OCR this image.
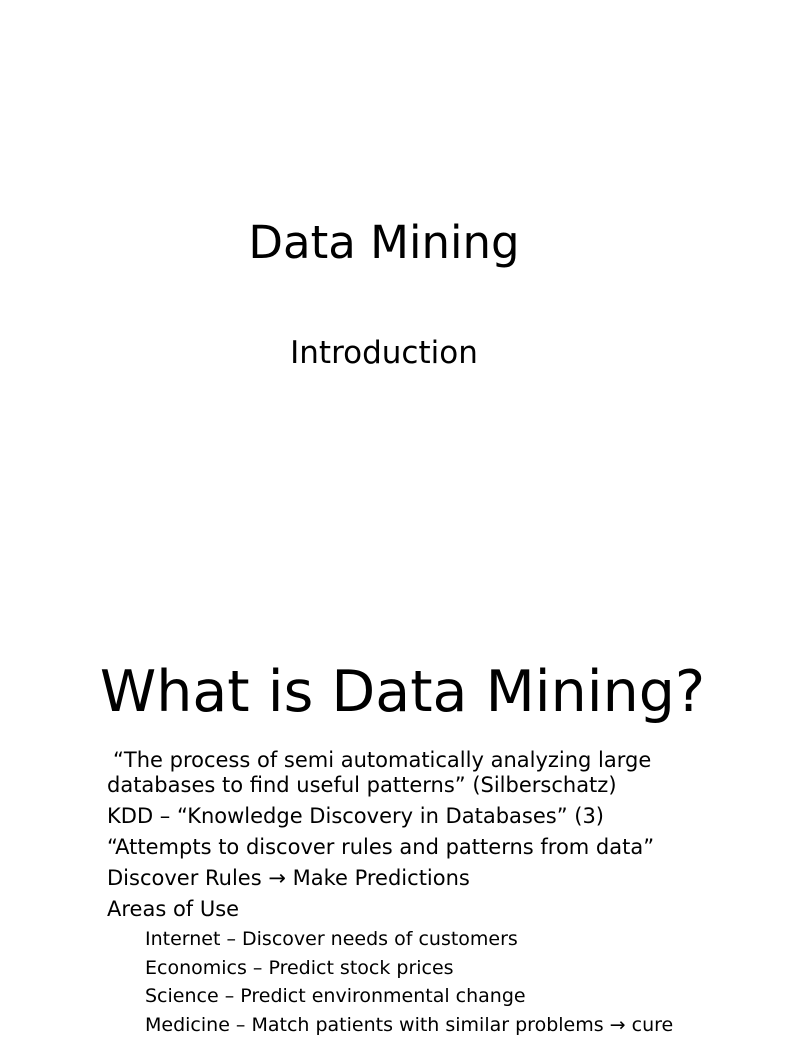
Data Mining
Introduction
What is Data Mining?
“The process of semi automatically analyzing large databases to find useful patterns” (Silberschatz)
KDD – “Knowledge Discovery in Databases” (3)
“Attempts to discover rules and patterns from data”
Discover Rules → Make Predictions
Areas of Use
Internet – Discover needs of customers
Economics – Predict stock prices
Science – Predict environmental change
Medicine – Match patients with similar problems → cure
